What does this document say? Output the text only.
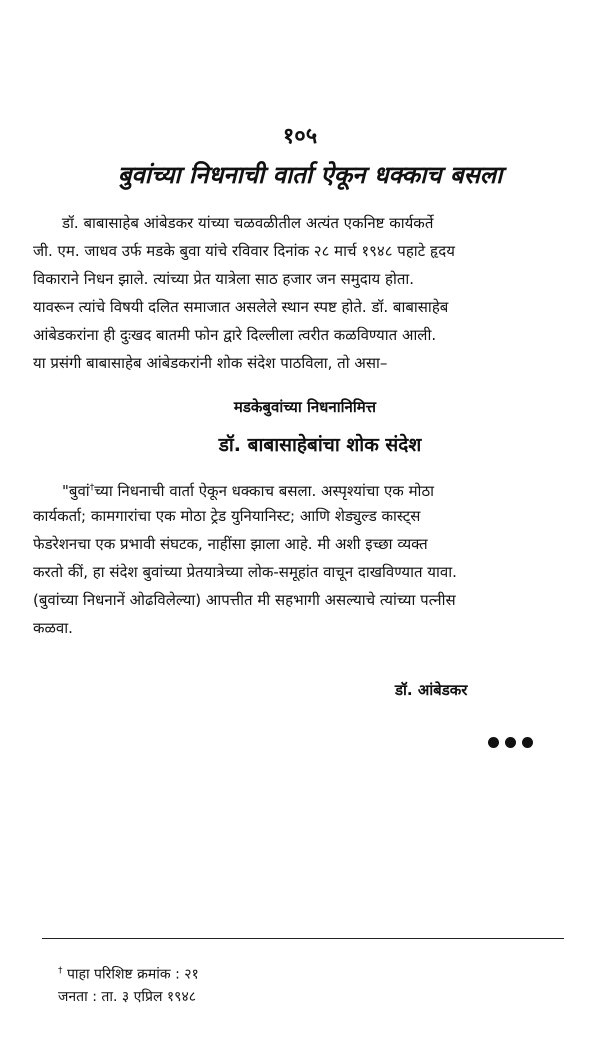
१०५
बुवांच्या निधनाची वार्ता ऐकून धक्काच बसला
डॉ. बाबासाहेब आंबेडकर यांच्या चळवळीतील अत्यंत एकनिष्ट कार्यकर्ते
जी. एम. जाधव उर्फ मडके बुवा यांचे रविवार दिनांक २८ मार्च १९४८ पहाटे हृदय
विकाराने निधन झाले. त्यांच्या प्रेत यात्रेला साठ हजार जन समुदाय होता.
यावरून त्यांचे विषयी दलित समाजात असलेले स्थान स्पष्ट होते. डॉ. बाबासाहेब
आंबेडकरांना ही दुःखद बातमी फोन द्वारे दिल्लीला त्वरीत कळविण्यात आली.
या प्रसंगी बाबासाहेब आंबेडकरांनी शोक संदेश पाठविला, तो असा–
मडकेबुवांच्या निधनानिमित्त
डॉ. बाबासाहेबांचा शोक संदेश
"बुवां†च्या निधनाची वार्ता ऐकून धक्काच बसला. अस्पृश्यांचा एक मोठा
कार्यकर्ता; कामगारांचा एक मोठा ट्रेड युनियानिस्ट; आणि शेड्युल्ड कास्ट्स
फेडरेशनचा एक प्रभावी संघटक, नाहींसा झाला आहे. मी अशी इच्छा व्यक्त
करतो कीं, हा संदेश बुवांच्या प्रेतयात्रेच्या लोक-समूहांत वाचून दाखविण्यात यावा.
(बुवांच्या निधनानें ओढविलेल्या) आपत्तीत मी सहभागी असल्याचे त्यांच्या पत्नीस
कळवा.
डॉ. आंबेडकर
† पाहा परिशिष्ट क्रमांक : २१
जनता : ता. ३ एप्रिल १९४८
